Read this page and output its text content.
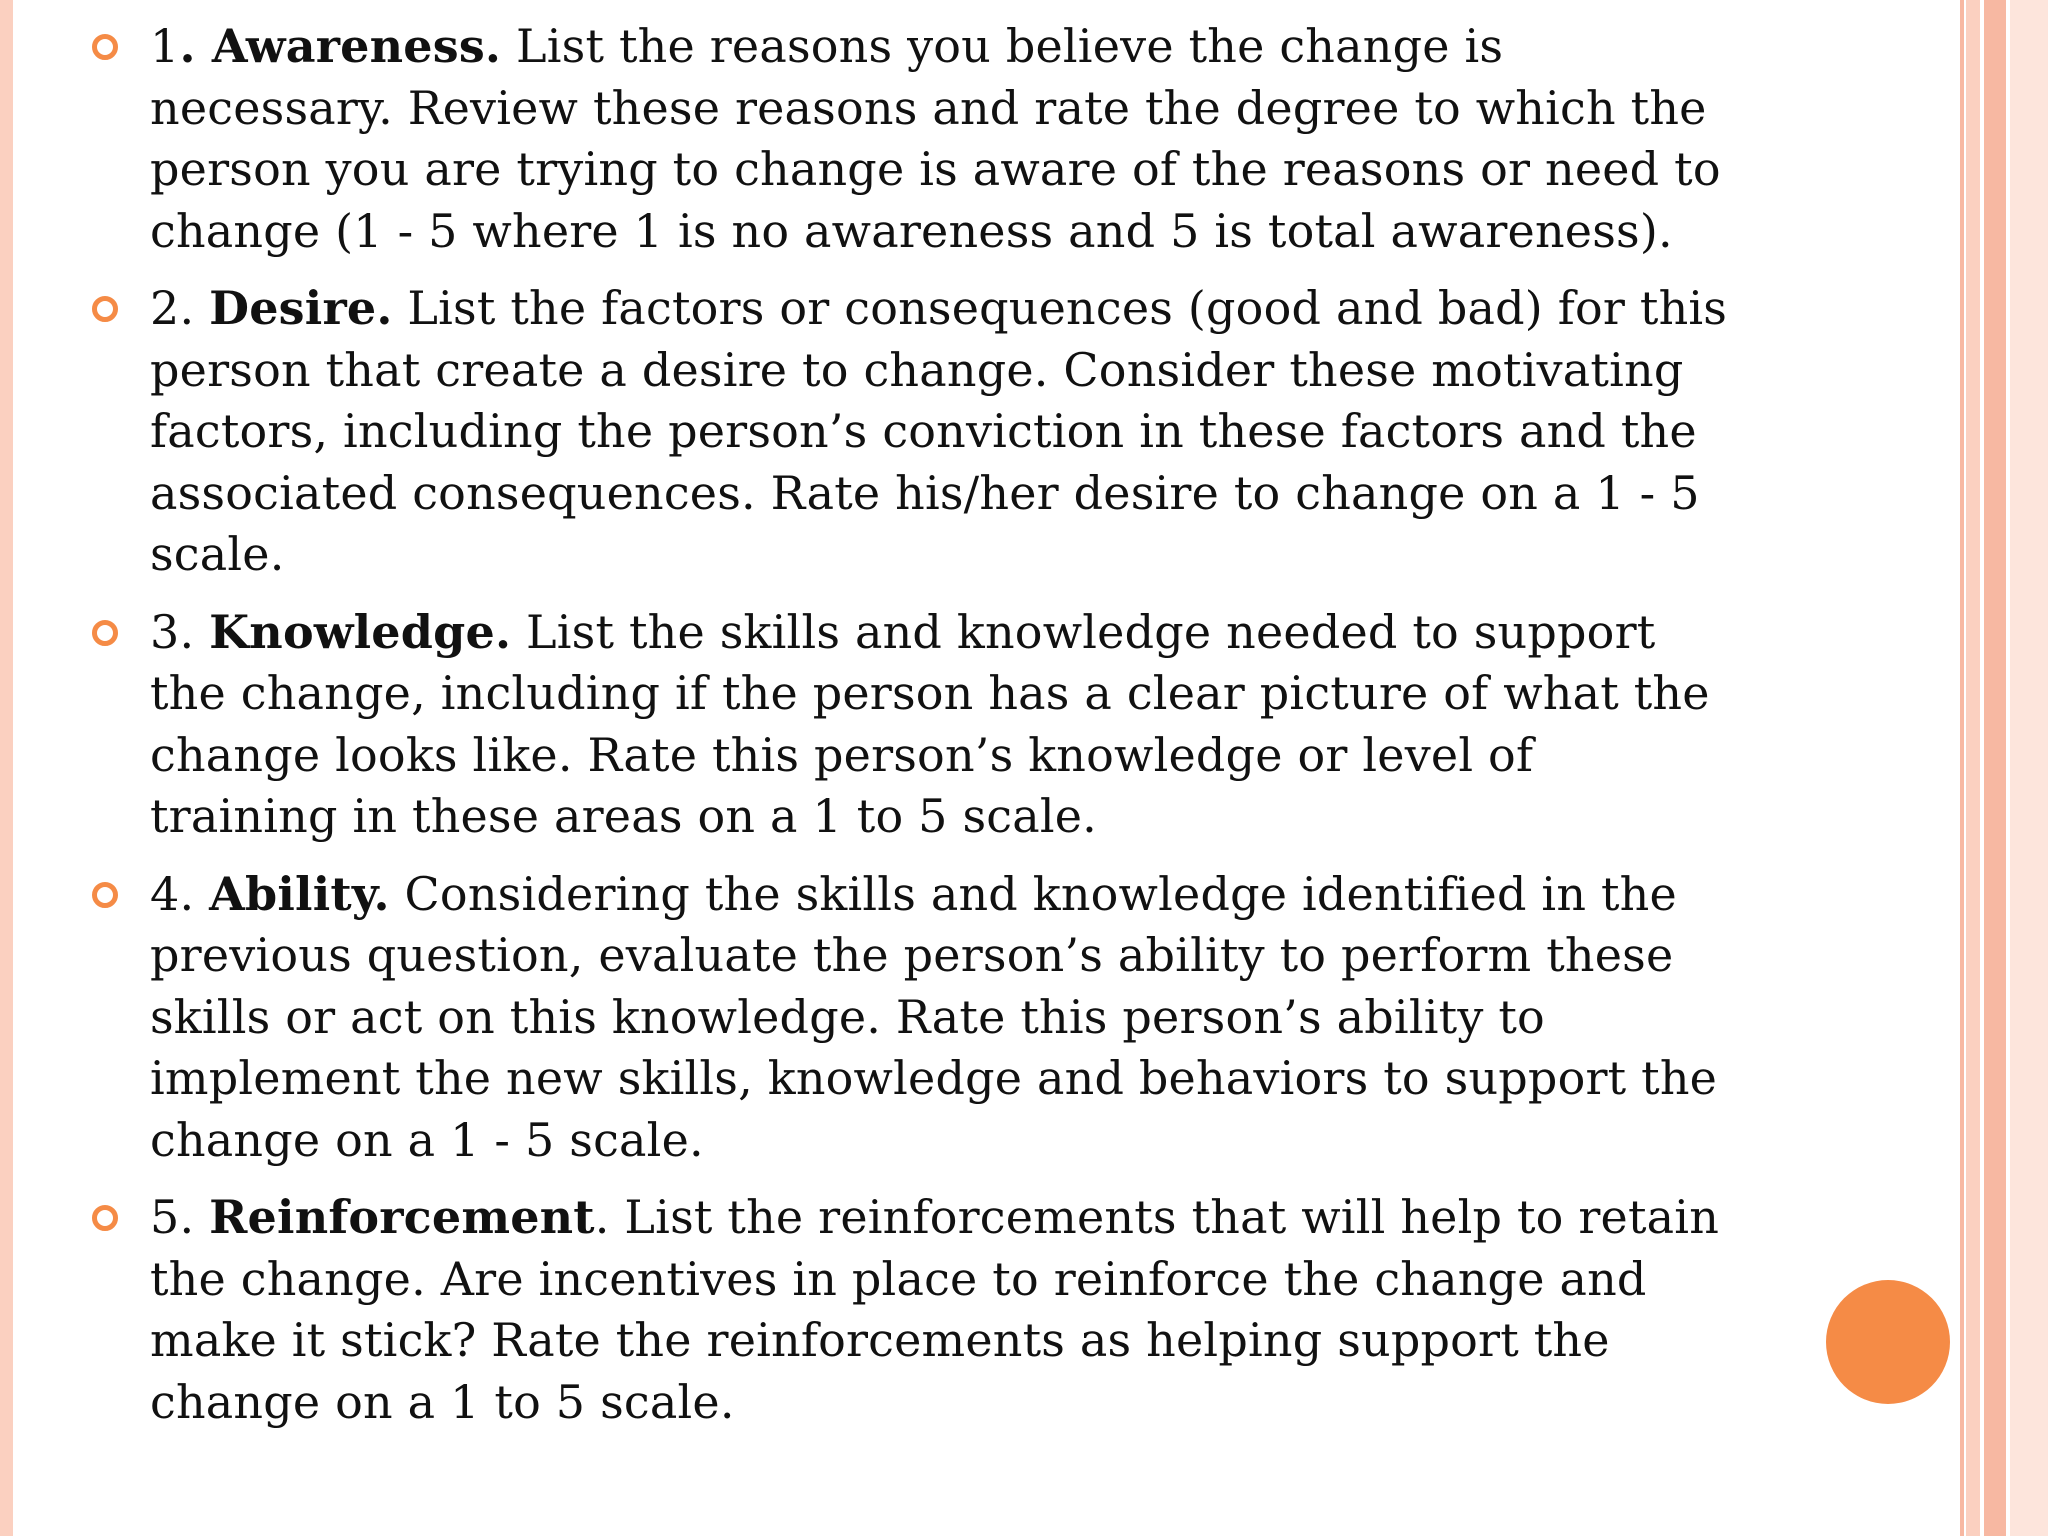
1. Awareness. List the reasons you believe the change is necessary. Review these reasons and rate the degree to which the person you are trying to change is aware of the reasons or need to change (1 - 5 where 1 is no awareness and 5 is total awareness).
2. Desire. List the factors or consequences (good and bad) for this person that create a desire to change. Consider these motivating factors, including the person’s conviction in these factors and the associated consequences. Rate his/her desire to change on a 1 - 5 scale.
3. Knowledge. List the skills and knowledge needed to support the change, including if the person has a clear picture of what the change looks like. Rate this person’s knowledge or level of training in these areas on a 1 to 5 scale.
4. Ability. Considering the skills and knowledge identified in the previous question, evaluate the person’s ability to perform these skills or act on this knowledge. Rate this person’s ability to implement the new skills, knowledge and behaviors to support the change on a 1 - 5 scale.
5. Reinforcement. List the reinforcements that will help to retain the change. Are incentives in place to reinforce the change and make it stick? Rate the reinforcements as helping support the change on a 1 to 5 scale.
